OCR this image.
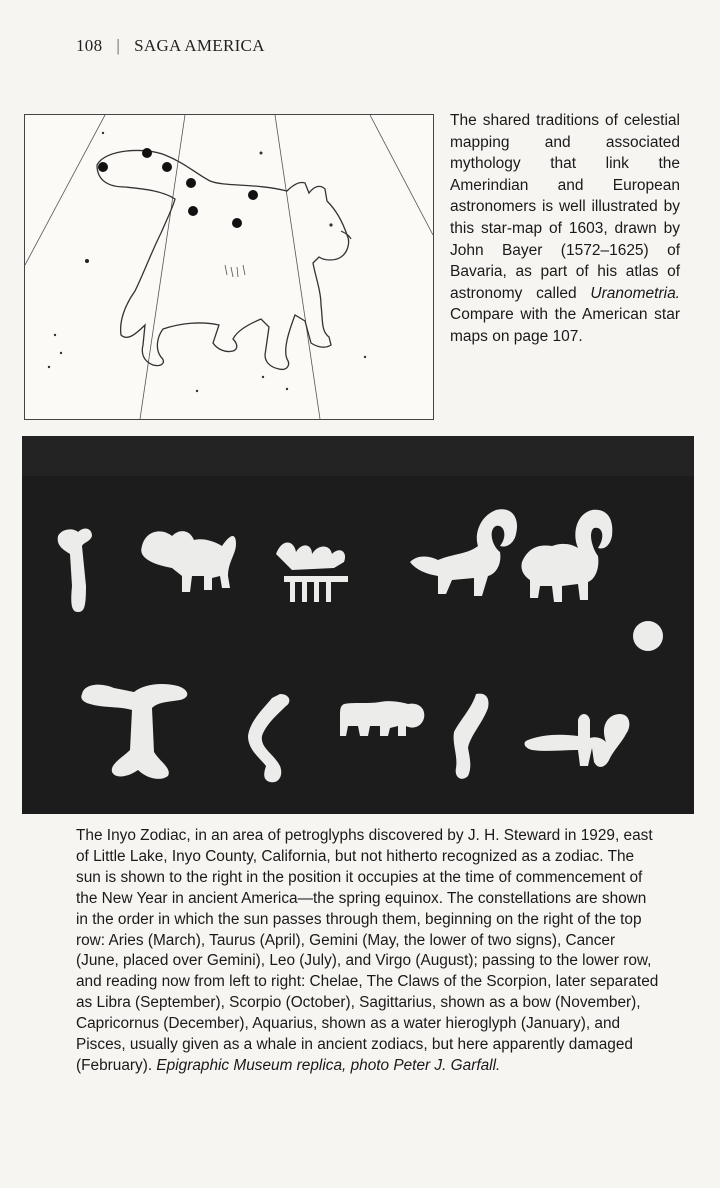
108 | SAGA AMERICA
The shared traditions of celestial mapping and associated mythology that link the Amerindian and European astronomers is well illustrated by this star-map of 1603, drawn by John Bayer (1572–1625) of Bavaria, as part of his atlas of astronomy called Uranometria. Compare with the American star maps on page 107.
The Inyo Zodiac, in an area of petroglyphs discovered by J. H. Steward in 1929, east of Little Lake, Inyo County, California, but not hitherto recognized as a zodiac. The sun is shown to the right in the position it occupies at the time of commencement of the New Year in ancient America—the spring equinox. The constellations are shown in the order in which the sun passes through them, beginning on the right of the top row: Aries (March), Taurus (April), Gemini (May, the lower of two signs), Cancer (June, placed over Gemini), Leo (July), and Virgo (August); passing to the lower row, and reading now from left to right: Chelae, The Claws of the Scorpion, later separated as Libra (September), Scorpio (October), Sagittarius, shown as a bow (November), Capricornus (December), Aquarius, shown as a water hieroglyph (January), and Pisces, usually given as a whale in ancient zodiacs, but here apparently damaged (February). Epigraphic Museum replica, photo Peter J. Garfall.
